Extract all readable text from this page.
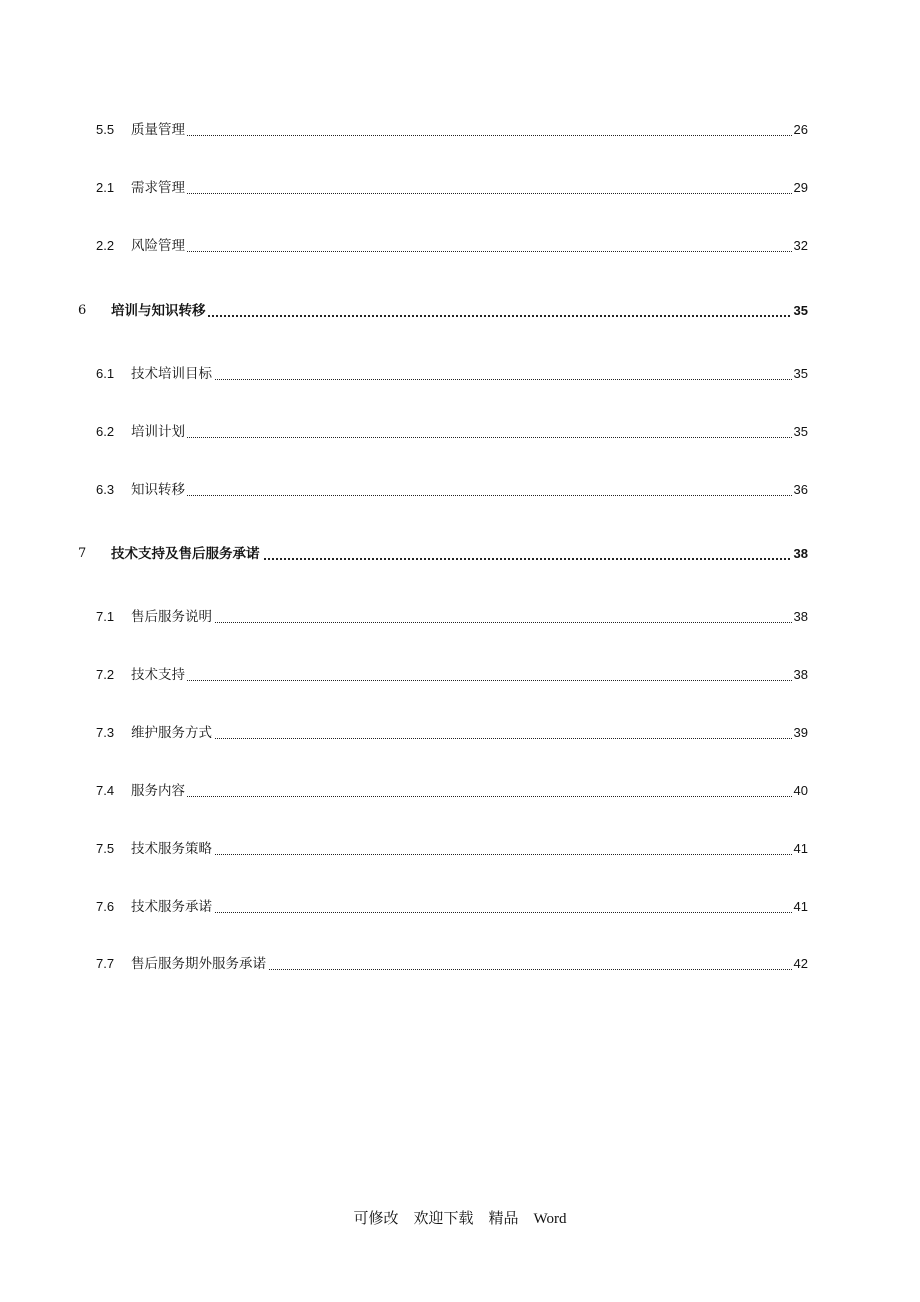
5.5 质量管理	26
2.1 需求管理	29
2.2 风险管理	32
6 培训与知识转移	35
6.1 技术培训目标	35
6.2 培训计划	35
6.3 知识转移	36
7 技术支持及售后服务承诺	38
7.1 售后服务说明	38
7.2 技术支持	38
7.3 维护服务方式	39
7.4 服务内容	40
7.5 技术服务策略	41
7.6 技术服务承诺	41
7.7 售后服务期外服务承诺	42
可修改    欢迎下载    精品    Word
